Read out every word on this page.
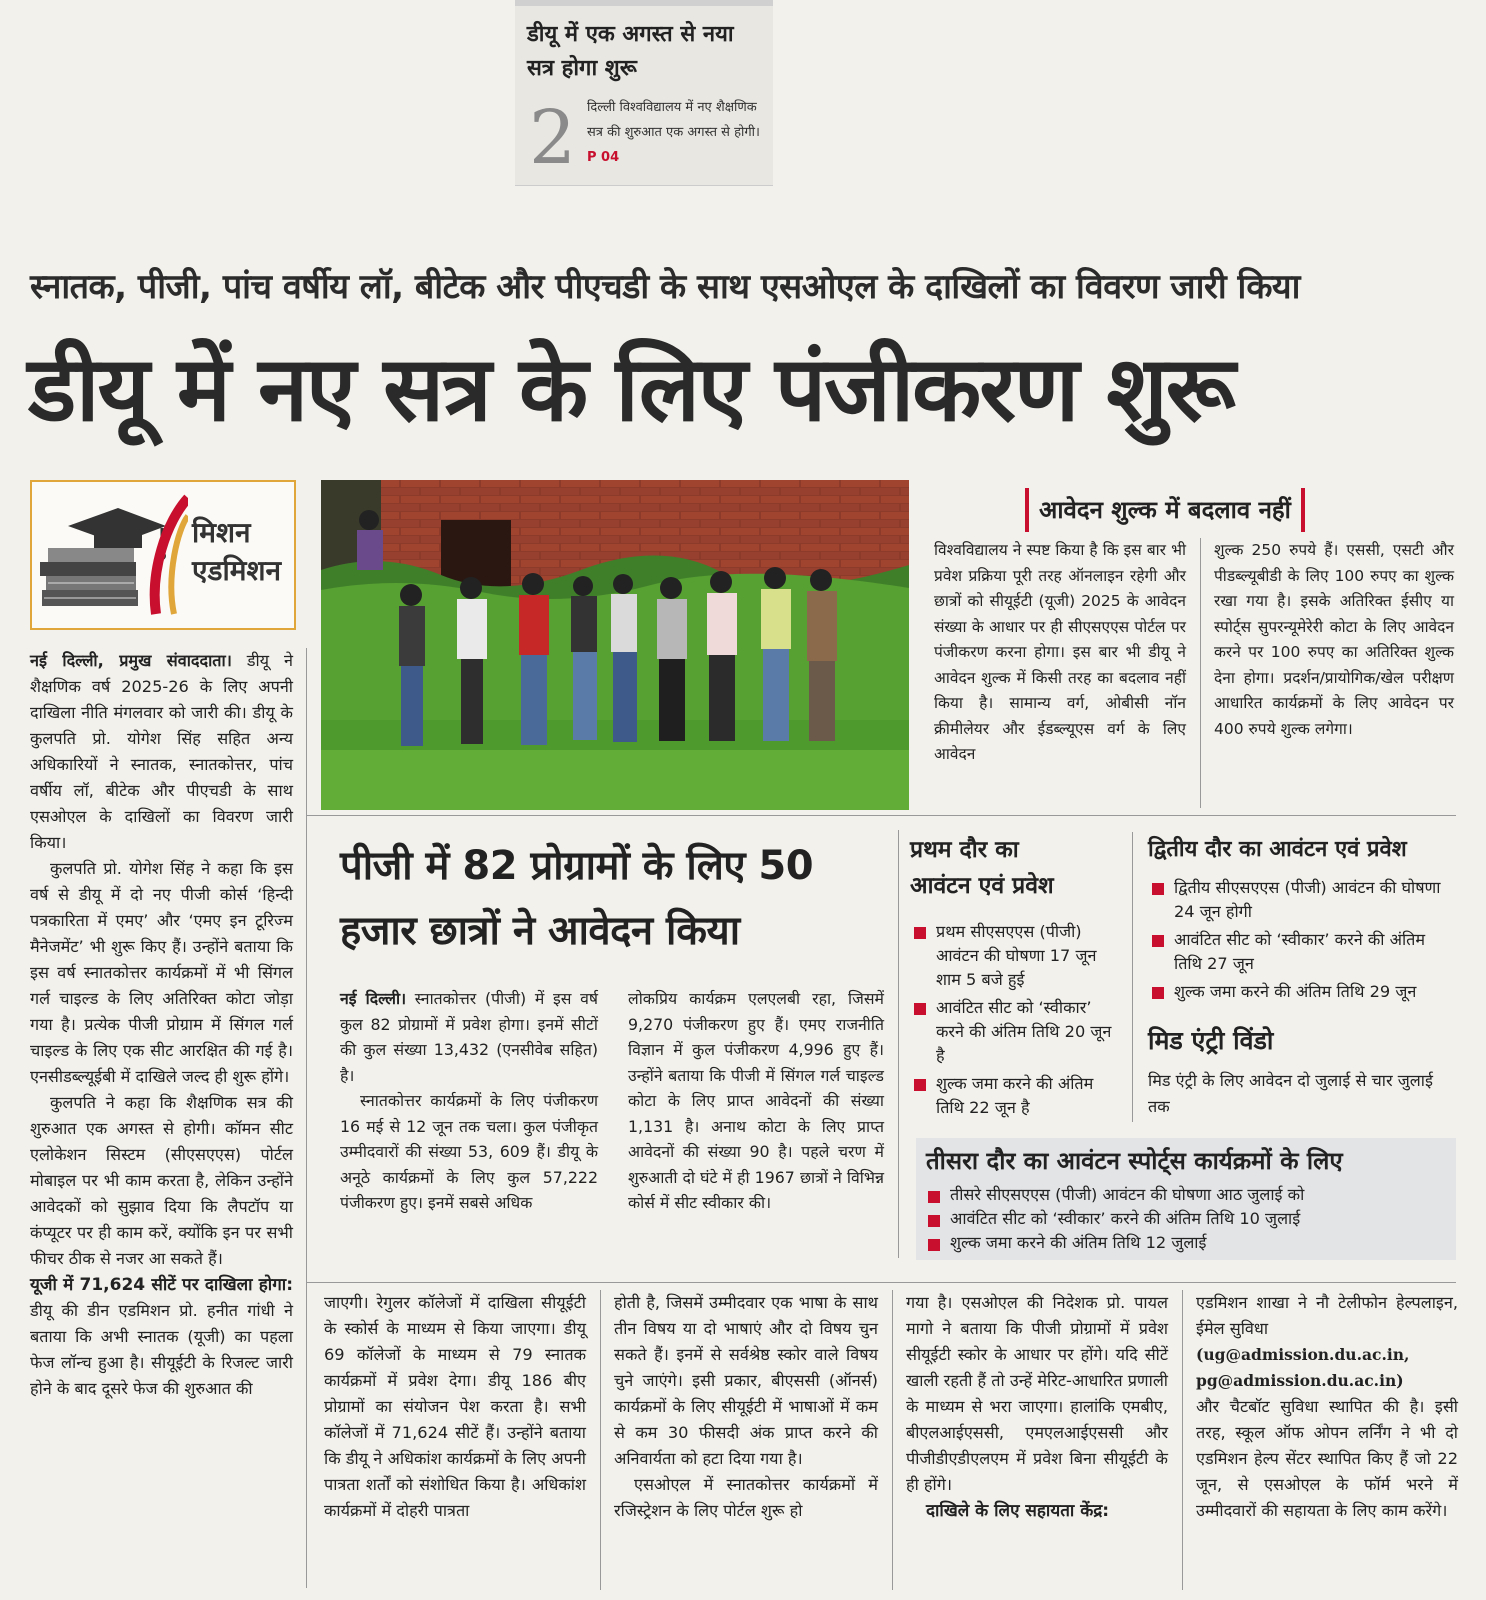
डीयू में एक अगस्त से नया सत्र होगा शुरू
2 दिल्ली विश्वविद्यालय में नए शैक्षणिक सत्र की शुरुआत एक अगस्त से होगी। P 04
स्नातक, पीजी, पांच वर्षीय लॉ, बीटेक और पीएचडी के साथ एसओएल के दाखिलों का विवरण जारी किया
डीयू में नए सत्र के लिए पंजीकरण शुरू
मिशन
एडमिशन

नई दिल्ली, प्रमुख संवाददाता। डीयू ने शैक्षणिक वर्ष 2025-26 के लिए अपनी दाखिला नीति मंगलवार को जारी की। डीयू के कुलपति प्रो. योगेश सिंह सहित अन्य अधिकारियों ने स्नातक, स्नातकोत्तर, पांच वर्षीय लॉ, बीटेक और पीएचडी के साथ एसओएल के दाखिलों का विवरण जारी किया।

कुलपति प्रो. योगेश सिंह ने कहा कि इस वर्ष से डीयू में दो नए पीजी कोर्स ‘हिन्दी पत्रकारिता में एमए’ और ‘एमए इन टूरिज्म मैनेजमेंट’ भी शुरू किए हैं। उन्होंने बताया कि इस वर्ष स्नातकोत्तर कार्यक्रमों में भी सिंगल गर्ल चाइल्ड के लिए अतिरिक्त कोटा जोड़ा गया है। प्रत्येक पीजी प्रोग्राम में सिंगल गर्ल चाइल्ड के लिए एक सीट आरक्षित की गई है। एनसीडब्ल्यूईबी में दाखिले जल्द ही शुरू होंगे।

कुलपति ने कहा कि शैक्षणिक सत्र की शुरुआत एक अगस्त से होगी। कॉमन सीट एलोकेशन सिस्टम (सीएसएएस) पोर्टल मोबाइल पर भी काम करता है, लेकिन उन्होंने आवेदकों को सुझाव दिया कि लैपटॉप या कंप्यूटर पर ही काम करें, क्योंकि इन पर सभी फीचर ठीक से नजर आ सकते हैं।

यूजी में 71,624 सीटें पर दाखिला होगा: डीयू की डीन एडमिशन प्रो. हनीत गांधी ने बताया कि अभी स्नातक (यूजी) का पहला फेज लॉन्च हुआ है। सीयूईटी के रिजल्ट जारी होने के बाद दूसरे फेज की शुरुआत की

आवेदन शुल्क में बदलाव नहीं

विश्वविद्यालय ने स्पष्ट किया है कि इस बार भी प्रवेश प्रक्रिया पूरी तरह ऑनलाइन रहेगी और छात्रों को सीयूईटी (यूजी) 2025 के आवेदन संख्या के आधार पर ही सीएसएएस पोर्टल पर पंजीकरण करना होगा। इस बार भी डीयू ने आवेदन शुल्क में किसी तरह का बदलाव नहीं किया है। सामान्य वर्ग, ओबीसी नॉन क्रीमीलेयर और ईडब्ल्यूएस वर्ग के लिए आवेदन

शुल्क 250 रुपये हैं। एससी, एसटी और पीडब्ल्यूबीडी के लिए 100 रुपए का शुल्क रखा गया है। इसके अतिरिक्त ईसीए या स्पोर्ट्स सुपरन्यूमेरेरी कोटा के लिए आवेदन करने पर 100 रुपए का अतिरिक्त शुल्क देना होगा। प्रदर्शन/प्रायोगिक/खेल परीक्षण आधारित कार्यक्रमों के लिए आवेदन पर 400 रुपये शुल्क लगेगा।

पीजी में 82 प्रोग्रामों के लिए 50 हजार छात्रों ने आवेदन किया

नई दिल्ली। स्नातकोत्तर (पीजी) में इस वर्ष कुल 82 प्रोग्रामों में प्रवेश होगा। इनमें सीटों की कुल संख्या 13,432 (एनसीवेब सहित) है।

स्नातकोत्तर कार्यक्रमों के लिए पंजीकरण 16 मई से 12 जून तक चला। कुल पंजीकृत उम्मीदवारों की संख्या 53, 609 हैं। डीयू के अनूठे कार्यक्रमों के लिए कुल 57,222 पंजीकरण हुए। इनमें सबसे अधिक

लोकप्रिय कार्यक्रम एलएलबी रहा, जिसमें 9,270 पंजीकरण हुए हैं। एमए राजनीति विज्ञान में कुल पंजीकरण 4,996 हुए हैं। उन्होंने बताया कि पीजी में सिंगल गर्ल चाइल्ड कोटा के लिए प्राप्त आवेदनों की संख्या 1,131 है। अनाथ कोटा के लिए प्राप्त आवेदनों की संख्या 90 है। पहले चरण में शुरुआती दो घंटे में ही 1967 छात्रों ने विभिन्न कोर्स में सीट स्वीकार की।

प्रथम दौर का
आवंटन एवं प्रवेश
प्रथम सीएसएएस (पीजी) आवंटन की घोषणा 17 जून शाम 5 बजे हुई
आवंटित सीट को ‘स्वीकार’ करने की अंतिम तिथि 20 जून है
शुल्क जमा करने की अंतिम तिथि 22 जून है
द्वितीय दौर का आवंटन एवं प्रवेश
द्वितीय सीएसएएस (पीजी) आवंटन की घोषणा 24 जून होगी
आवंटित सीट को ‘स्वीकार’ करने की अंतिम तिथि 27 जून
शुल्क जमा करने की अंतिम तिथि 29 जून
मिड एंट्री विंडो
मिड एंट्री के लिए आवेदन दो जुलाई से चार जुलाई तक
तीसरा दौर का आवंटन स्पोर्ट्स कार्यक्रमों के लिए
तीसरे सीएसएएस (पीजी) आवंटन की घोषणा आठ जुलाई को
आवंटित सीट को ‘स्वीकार’ करने की अंतिम तिथि 10 जुलाई
शुल्क जमा करने की अंतिम तिथि 12 जुलाई

जाएगी। रेगुलर कॉलेजों में दाखिला सीयूईटी के स्कोर्स के माध्यम से किया जाएगा। डीयू 69 कॉलेजों के माध्यम से 79 स्नातक कार्यक्रमों में प्रवेश देगा। डीयू 186 बीए प्रोग्रामों का संयोजन पेश करता है। सभी कॉलेजों में 71,624 सीटें हैं। उन्होंने बताया कि डीयू ने अधिकांश कार्यक्रमों के लिए अपनी पात्रता शर्तों को संशोधित किया है। अधिकांश कार्यक्रमों में दोहरी पात्रता

होती है, जिसमें उम्मीदवार एक भाषा के साथ तीन विषय या दो भाषाएं और दो विषय चुन सकते हैं। इनमें से सर्वश्रेष्ठ स्कोर वाले विषय चुने जाएंगे। इसी प्रकार, बीएससी (ऑनर्स) कार्यक्रमों के लिए सीयूईटी में भाषाओं में कम से कम 30 फीसदी अंक प्राप्त करने की अनिवार्यता को हटा दिया गया है।

एसओएल में स्नातकोत्तर कार्यक्रमों में रजिस्ट्रेशन के लिए पोर्टल शुरू हो

गया है। एसओएल की निदेशक प्रो. पायल मागो ने बताया कि पीजी प्रोग्रामों में प्रवेश सीयूईटी स्कोर के आधार पर होंगे। यदि सीटें खाली रहती हैं तो उन्हें मेरिट-आधारित प्रणाली के माध्यम से भरा जाएगा। हालांकि एमबीए, बीएलआईएससी, एमएलआईएससी और पीजीडीएडीएलएम में प्रवेश बिना सीयूईटी के ही होंगे।

दाखिले के लिए सहायता केंद्र:

एडमिशन शाखा ने नौ टेलीफोन हेल्पलाइन, ईमेल सुविधा

(ug@admission.du.ac.in, pg@admission.du.ac.in)

और चैटबॉट सुविधा स्थापित की है। इसी तरह, स्कूल ऑफ ओपन लर्निंग ने भी दो एडमिशन हेल्प सेंटर स्थापित किए हैं जो 22 जून, से एसओएल के फॉर्म भरने में उम्मीदवारों की सहायता के लिए काम करेंगे।
